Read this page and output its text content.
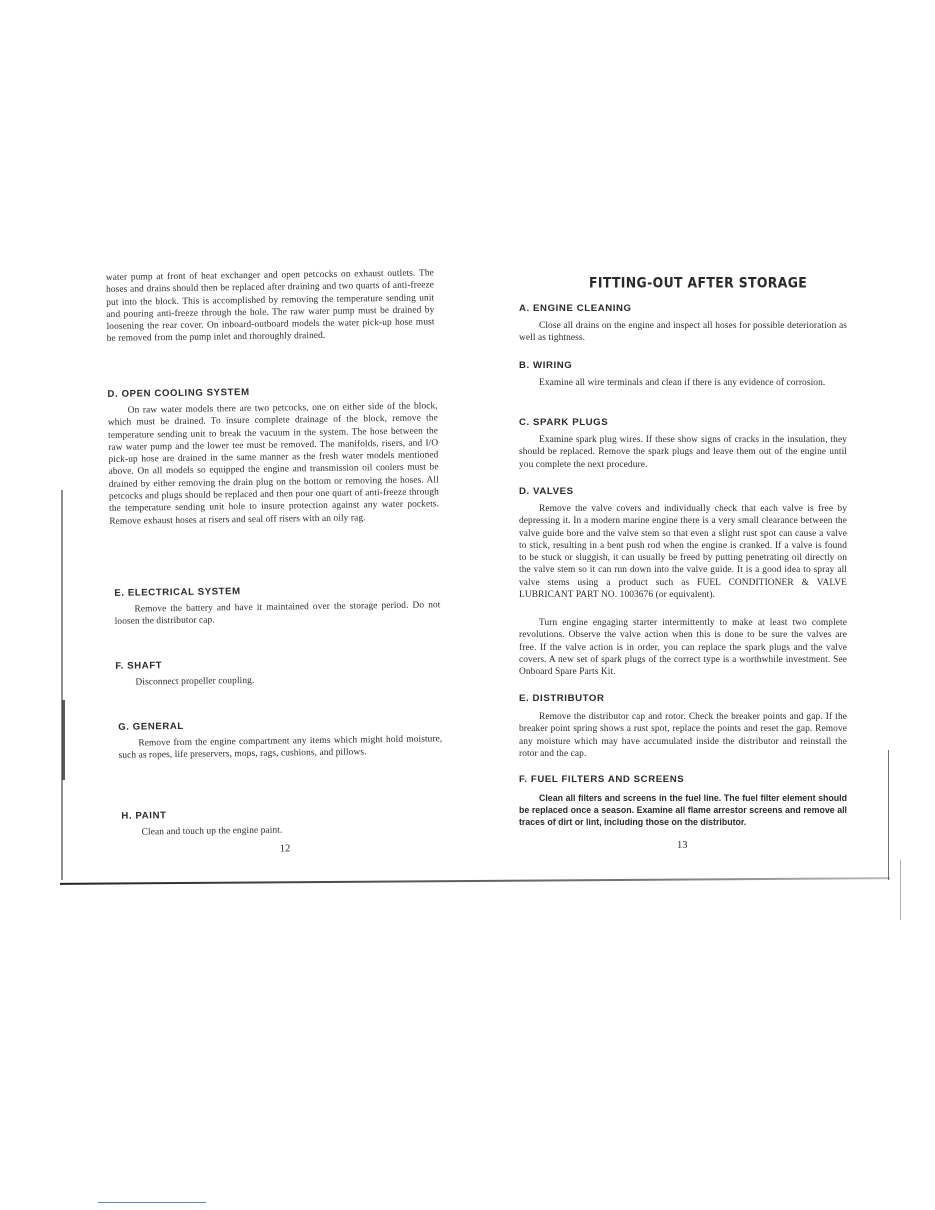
water pump at front of heat exchanger and open petcocks on exhaust outlets. The hoses and drains should then be replaced after draining and two quarts of anti-freeze put into the block. This is accomplished by removing the temperature sending unit and pouring anti-freeze through the hole. The raw water pump must be drained by loosening the rear cover. On inboard-outboard models the water pick-up hose must be removed from the pump inlet and thoroughly drained.

D. OPEN COOLING SYSTEM

On raw water models there are two petcocks, one on either side of the block, which must be drained. To insure complete drainage of the block, remove the temperature sending unit to break the vacuum in the system. The hose between the raw water pump and the lower tee must be removed. The manifolds, risers, and I/O pick-up hose are drained in the same manner as the fresh water models mentioned above. On all models so equipped the engine and transmission oil coolers must be drained by either removing the drain plug on the bottom or removing the hoses. All petcocks and plugs should be replaced and then pour one quart of anti-freeze through the temperature sending unit hole to insure protection against any water pockets. Remove exhaust hoses at risers and seal off risers with an oily rag.

E. ELECTRICAL SYSTEM

Remove the battery and have it maintained over the storage period. Do not loosen the distributor cap.

F. SHAFT

Disconnect propeller coupling.

G. GENERAL

Remove from the engine compartment any items which might hold moisture, such as ropes, life preservers, mops, rags, cushions, and pillows.

H. PAINT

Clean and touch up the engine paint.

12

FITTING-OUT AFTER STORAGE

A. ENGINE CLEANING

Close all drains on the engine and inspect all hoses for possible deterioration as well as tightness.

B. WIRING

Examine all wire terminals and clean if there is any evidence of corrosion.

C. SPARK PLUGS

Examine spark plug wires. If these show signs of cracks in the insulation, they should be replaced. Remove the spark plugs and leave them out of the engine until you complete the next procedure.

D. VALVES

Remove the valve covers and individually check that each valve is free by depressing it. In a modern marine engine there is a very small clearance between the valve guide bore and the valve stem so that even a slight rust spot can cause a valve to stick, resulting in a bent push rod when the engine is cranked. If a valve is found to be stuck or sluggish, it can usually be freed by putting penetrating oil directly on the valve stem so it can run down into the valve guide. It is a good idea to spray all valve stems using a product such as FUEL CONDITIONER & VALVE LUBRICANT PART NO. 1003676 (or equivalent).

Turn engine engaging starter intermittently to make at least two complete revolutions. Observe the valve action when this is done to be sure the valves are free. If the valve action is in order, you can replace the spark plugs and the valve covers. A new set of spark plugs of the correct type is a worthwhile investment. See Onboard Spare Parts Kit.

E. DISTRIBUTOR

Remove the distributor cap and rotor. Check the breaker points and gap. If the breaker point spring shows a rust spot, replace the points and reset the gap. Remove any moisture which may have accumulated inside the distributor and reinstall the rotor and the cap.

F. FUEL FILTERS AND SCREENS

Clean all filters and screens in the fuel line. The fuel filter element should be replaced once a season. Examine all flame arrestor screens and remove all traces of dirt or lint, including those on the distributor.

13
